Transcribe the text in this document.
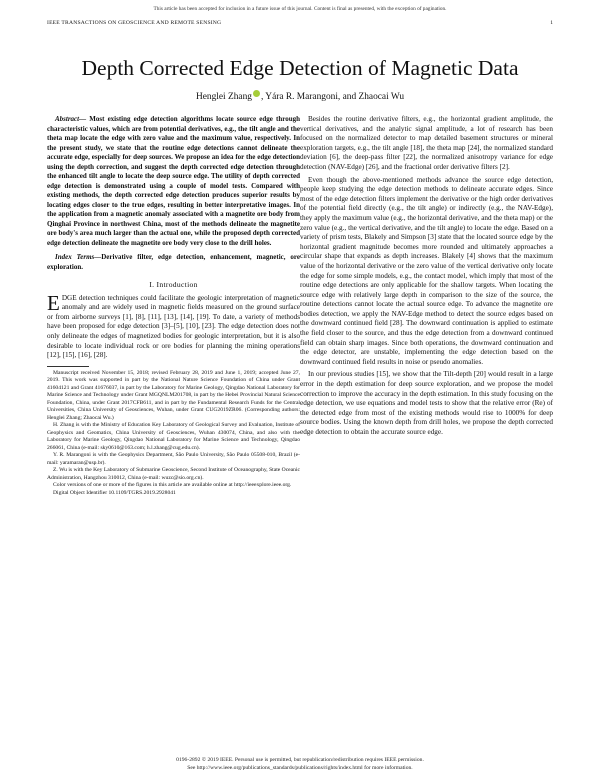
This article has been accepted for inclusion in a future issue of this journal. Content is final as presented, with the exception of pagination.
IEEE TRANSACTIONS ON GEOSCIENCE AND REMOTE SENSING	1
Depth Corrected Edge Detection of Magnetic Data
Henglei Zhang , Yára R. Marangoni, and Zhaocai Wu

Abstract— Most existing edge detection algorithms locate source edge through characteristic values, which are from potential derivatives, e.g., the tilt angle and the theta map locate the edge with zero value and the maximum value, respectively. In the present study, we state that the routine edge detections cannot delineate the accurate edge, especially for deep sources. We propose an idea for the edge detection using the depth correction, and suggest the depth corrected edge detection through the enhanced tilt angle to locate the deep source edge. The utility of depth corrected edge detection is demonstrated using a couple of model tests. Compared with existing methods, the depth corrected edge detection produces superior results by locating edges closer to the true edges, resulting in better interpretative images. In the application from a magnetic anomaly associated with a magnetite ore body from Qinghai Province in northwest China, most of the methods delineate the magnetite ore body's area much larger than the actual one, while the proposed depth corrected edge detection delineate the magnetite ore body very close to the drill holes.

Index Terms—Derivative filter, edge detection, enhancement, magnetic, ore exploration.

I. Introduction

EDGE detection techniques could facilitate the geologic interpretation of magnetic anomaly and are widely used in magnetic fields measured on the ground surface or from airborne surveys [1], [8], [11], [13], [14], [19]. To date, a variety of methods have been proposed for edge detection [3]–[5], [10], [23]. The edge detection does not only delineate the edges of magnetized bodies for geologic interpretation, but it is also desirable to locate individual rock or ore bodies for planning the mining operations [12], [15], [16], [28].

Manuscript received November 15, 2018; revised February 28, 2019 and June 1, 2019; accepted June 27, 2019. This work was supported in part by the National Nature Science Foundation of China under Grant 41604121 and Grant 41676037, in part by the Laboratory for Marine Geology, Qingdao National Laboratory for Marine Science and Technology under Grant MGQNLM201708, in part by the Hebei Provincial Natural Science Foundation, China, under Grant 2017CFB611, and in part by the Fundamental Research Funds for the Central Universities, China University of Geosciences, Wuhan, under Grant CUG2019ZR06. (Corresponding authors: Henglei Zhang; Zhaocai Wu.)

H. Zhang is with the Ministry of Education Key Laboratory of Geological Survey and Evaluation, Institute of Geophysics and Geomatics, China University of Geosciences, Wuhan 430074, China, and also with the Laboratory for Marine Geology, Qingdao National Laboratory for Marine Science and Technology, Qingdao 266061, China (e-mail: sky0610@163.com; h.l.zhang@cug.edu.cn).

Y. R. Marangoni is with the Geophysics Department, São Paulo University, São Paulo 05508-010, Brazil (e-mail: yaramaran@usp.br).

Z. Wu is with the Key Laboratory of Submarine Geoscience, Second Institute of Oceanography, State Oceanic Administration, Hangzhou 310012, China (e-mail: wuzc@sio.org.cn).

Color versions of one or more of the figures in this article are available online at http://ieeexplore.ieee.org.

Digital Object Identifier 10.1109/TGRS.2019.2928041

Besides the routine derivative filters, e.g., the horizontal gradient amplitude, the vertical derivatives, and the analytic signal amplitude, a lot of research has been focused on the normalized detector to map detailed basement structures or mineral exploration targets, e.g., the tilt angle [18], the theta map [24], the normalized standard deviation [6], the deep-pass filter [22], the normalized anisotropy variance for edge detection (NAV-Edge) [26], and the fractional order derivative filters [2].

Even though the above-mentioned methods advance the source edge detection, people keep studying the edge detection methods to delineate accurate edges. Since most of the edge detection filters implement the derivative or the high order derivatives of the potential field directly (e.g., the tilt angle) or indirectly (e.g., the NAV-Edge), they apply the maximum value (e.g., the horizontal derivative, and the theta map) or the zero value (e.g., the vertical derivative, and the tilt angle) to locate the edge. Based on a variety of prism tests, Blakely and Simpson [3] state that the located source edge by the horizontal gradient magnitude becomes more rounded and ultimately approaches a circular shape that expands as depth increases. Blakely [4] shows that the maximum value of the horizontal derivative or the zero value of the vertical derivative only locate the edge for some simple models, e.g., the contact model, which imply that most of the routine edge detections are only applicable for the shallow targets. When locating the source edge with relatively large depth in comparison to the size of the source, the routine detections cannot locate the actual source edge. To advance the magnetite ore bodies detection, we apply the NAV-Edge method to detect the source edges based on the downward continued field [28]. The downward continuation is applied to estimate the field closer to the source, and thus the edge detection from a downward continued field can obtain sharp images. Since both operations, the downward continuation and the edge detector, are unstable, implementing the edge detection based on the downward continued field results in noise or pseudo anomalies.

In our previous studies [15], we show that the Tilt-depth [20] would result in a large error in the depth estimation for deep source exploration, and we propose the model correction to improve the accuracy in the depth estimation. In this study focusing on the edge detection, we use equations and model tests to show that the relative error (Re) of the detected edge from most of the existing methods would rise to 1000% for deep source bodies. Using the known depth from drill holes, we propose the depth corrected edge detection to obtain the accurate source edge.

0196-2892 © 2019 IEEE. Personal use is permitted, but republication/redistribution requires IEEE permission.
See http://www.ieee.org/publications_standards/publications/rights/index.html for more information.
